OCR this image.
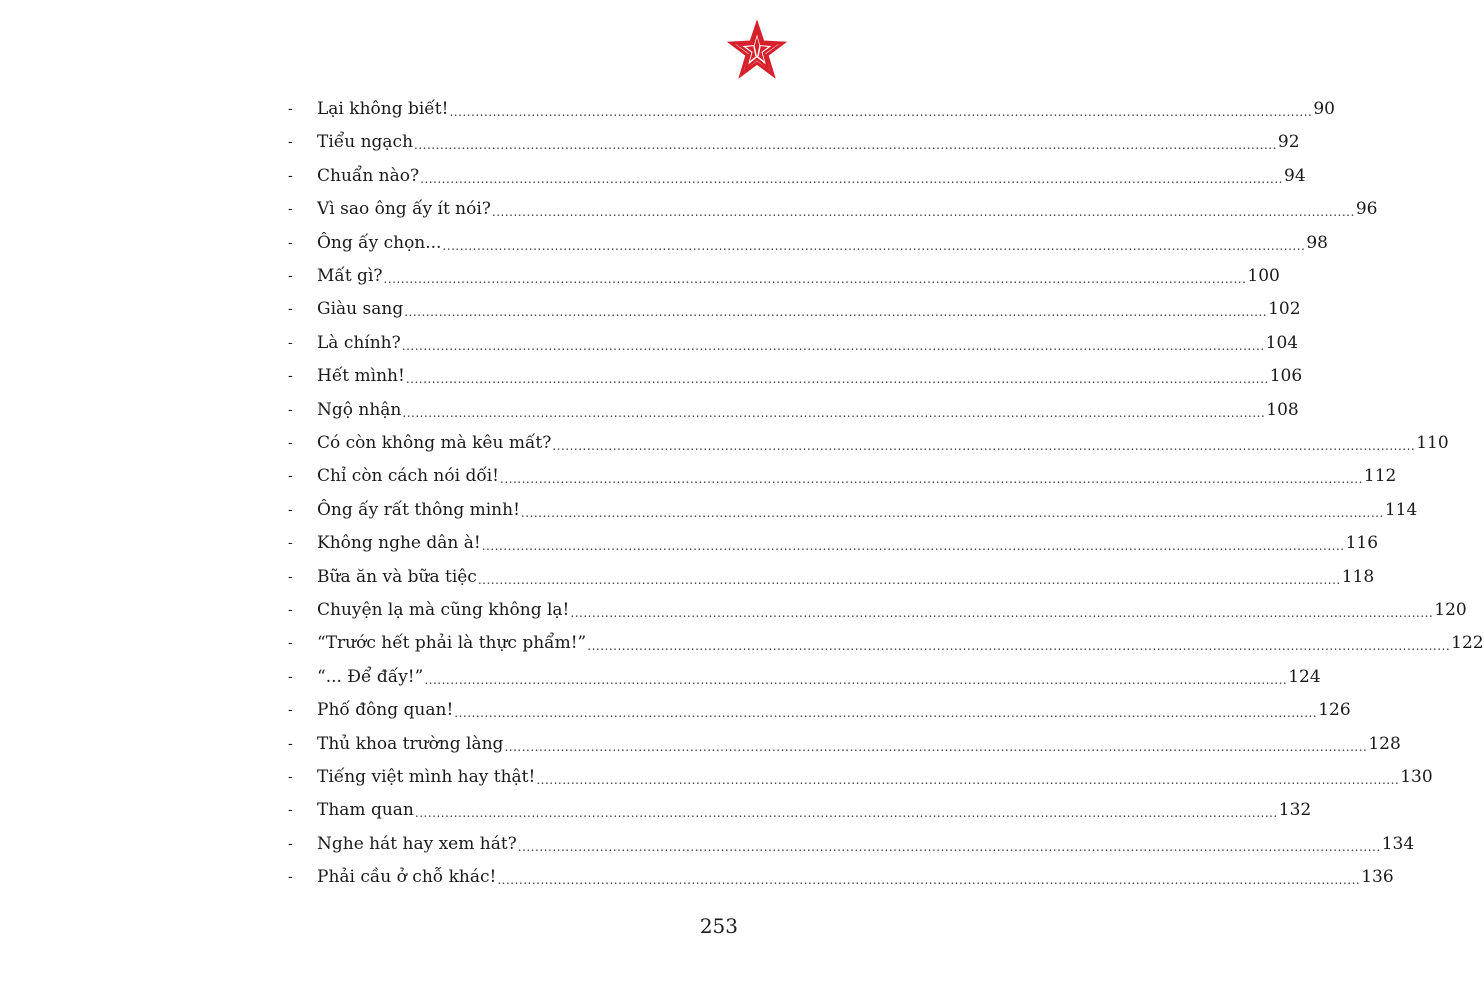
-	Lại không biết! ........................................................................................................................................................................................................ 90
-	Tiểu ngạch ........................................................................................................................................................................................................ 92
-	Chuẩn nào? ........................................................................................................................................................................................................ 94
-	Vì sao ông ấy ít nói? ........................................................................................................................................................................................................ 96
-	Ông ấy chọn... ........................................................................................................................................................................................................ 98
-	Mất gì? ........................................................................................................................................................................................................ 100
-	Giàu sang ........................................................................................................................................................................................................ 102
-	Là chính? ........................................................................................................................................................................................................ 104
-	Hết mình! ........................................................................................................................................................................................................ 106
-	Ngộ nhận ........................................................................................................................................................................................................ 108
-	Có còn không mà kêu mất? ........................................................................................................................................................................................................ 110
-	Chỉ còn cách nói dối! ........................................................................................................................................................................................................ 112
-	Ông ấy rất thông minh! ........................................................................................................................................................................................................ 114
-	Không nghe dân à! ........................................................................................................................................................................................................ 116
-	Bữa ăn và bữa tiệc ........................................................................................................................................................................................................ 118
-	Chuyện lạ mà cũng không lạ! ........................................................................................................................................................................................................ 120
-	“Trước hết phải là thực phẩm!” ........................................................................................................................................................................................................ 122
-	“... Để đấy!” ........................................................................................................................................................................................................ 124
-	Phố đông quan! ........................................................................................................................................................................................................ 126
-	Thủ khoa trường làng ........................................................................................................................................................................................................ 128
-	Tiếng việt mình hay thật! ........................................................................................................................................................................................................ 130
-	Tham quan ........................................................................................................................................................................................................ 132
-	Nghe hát hay xem hát? ........................................................................................................................................................................................................ 134
-	Phải cầu ở chỗ khác! ........................................................................................................................................................................................................ 136
253
